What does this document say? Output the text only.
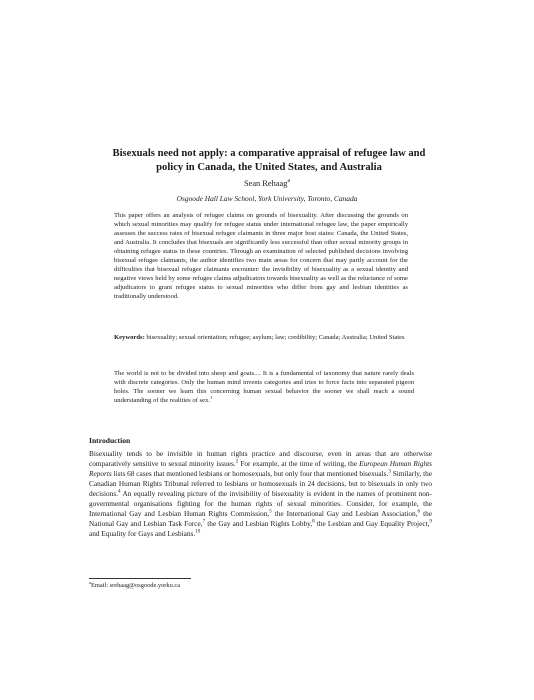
Bisexuals need not apply: a comparative appraisal of refugee law and policy in Canada, the United States, and Australia

Sean Rehaag$^a$

Osgoode Hall Law School, York University, Toronto, Canada

This paper offers an analysis of refugee claims on grounds of bisexuality. After discussing the grounds on which sexual minorities may qualify for refugee status under international refugee law, the paper empirically assesses the success rates of bisexual refugee claimants in three major host states: Canada, the United States, and Australia. It concludes that bisexuals are significantly less successful than other sexual minority groups in obtaining refugee status in these countries. Through an examination of selected published decisions involving bisexual refugee claimants, the author identifies two main areas for concern that may partly account for the difficulties that bisexual refugee claimants encounter: the invisibility of bisexuality as a sexual identity and negative views held by some refugee claims adjudicators towards bisexuality as well as the reluctance of some adjudicators to grant refugee status to sexual minorities who differ from gay and lesbian identities as traditionally understood.

Keywords: bisexuality; sexual orientation; refugee; asylum; law; credibility; Canada; Australia; United States

The world is not to be divided into sheep and goats.... It is a fundamental of taxonomy that nature rarely deals with discrete categories. Only the human mind invents categories and tries to force facts into separated pigeon holes. The sooner we learn this concerning human sexual behavior the sooner we shall reach a sound understanding of the realities of sex.$^1$

Introduction

Bisexuality tends to be invisible in human rights practice and discourse, even in areas that are otherwise comparatively sensitive to sexual minority issues.$^2$ For example, at the time of writing, the European Human Rights Reports lists 68 cases that mentioned lesbians or homosexuals, but only four that mentioned bisexuals.$^3$ Similarly, the Canadian Human Rights Tribunal referred to lesbians or homosexuals in 24 decisions, but to bisexuals in only two decisions.$^4$ An equally revealing picture of the invisibility of bisexuality is evident in the names of prominent non-governmental organisations fighting for the human rights of sexual minorities. Consider, for example, the International Gay and Lesbian Human Rights Commission,$^5$ the International Gay and Lesbian Association,$^6$ the National Gay and Lesbian Task Force,$^7$ the Gay and Lesbian Rights Lobby,$^8$ the Lesbian and Gay Equality Project,$^9$ and Equality for Gays and Lesbians.$^{10}$

$^a$Email: srehaag@osgoode.yorku.ca
